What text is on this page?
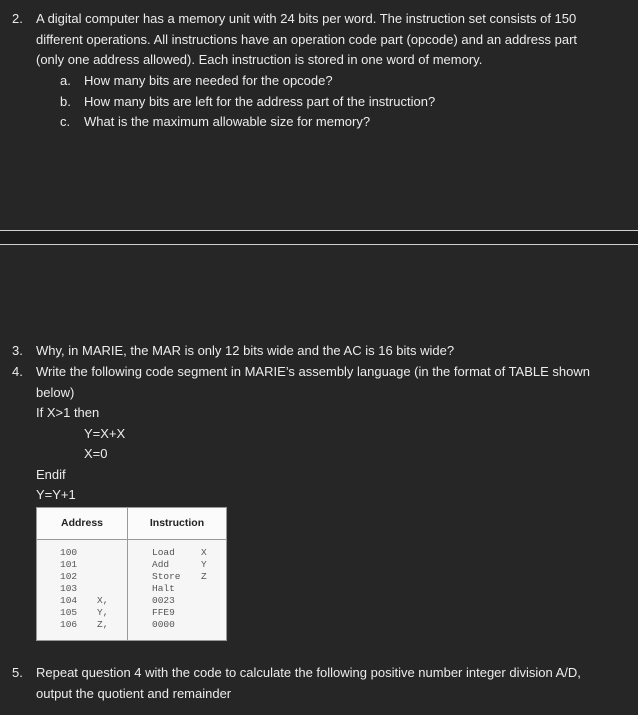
2. A digital computer has a memory unit with 24 bits per word. The instruction set consists of 150
different operations. All instructions have an operation code part (opcode) and an address part
(only one address allowed). Each instruction is stored in one word of memory.
a. How many bits are needed for the opcode?
b. How many bits are left for the address part of the instruction?
c. What is the maximum allowable size for memory?
3. Why, in MARIE, the MAR is only 12 bits wide and the AC is 16 bits wide?
4. Write the following code segment in MARIE’s assembly language (in the format of TABLE shown
below)
If X>1 then
Y=X+X
X=0
Endif
Y=Y+1
Address	Instruction
100	Load	X
101	Add	Y
102	Store Z
103	Halt
104 X,	0023
105 Y,	FFE9
106 Z,	0000
5. Repeat question 4 with the code to calculate the following positive number integer division A/D,
output the quotient and remainder
